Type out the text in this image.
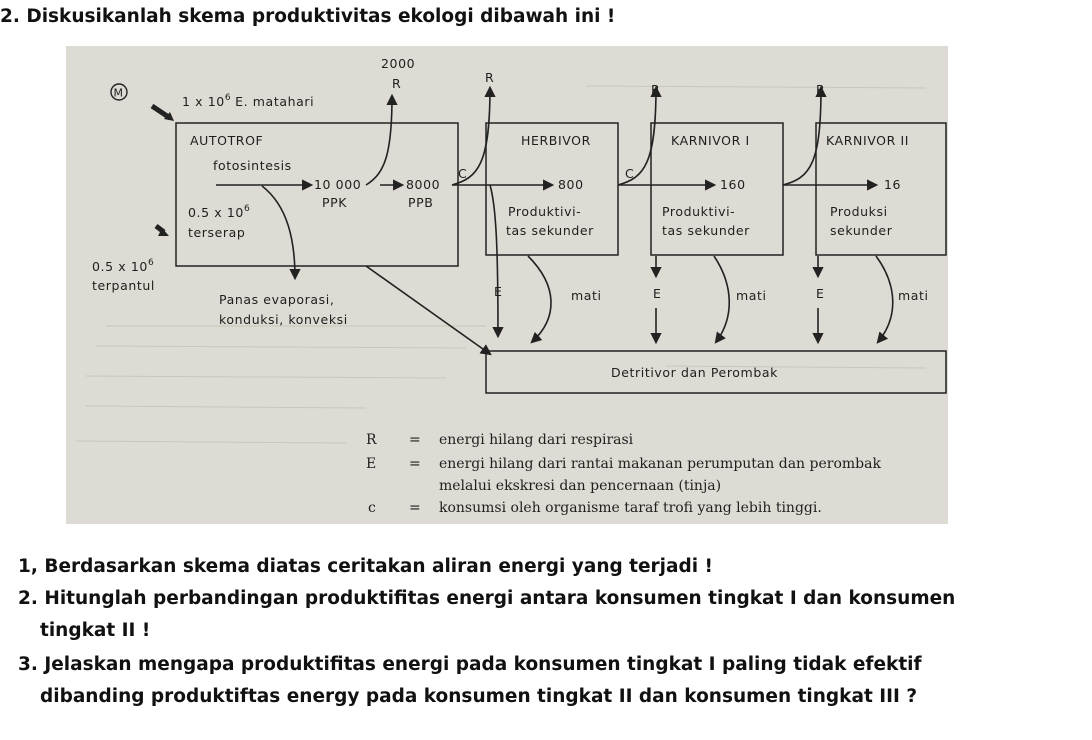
2. Diskusikanlah skema produktivitas ekologi dibawah ini !
M
1 x $10^6$ E. matahari
2000
AUTOTROF
fotosintesis
HERBIVOR	KARNIVOR I	KARNIVOR II
0.5 x $10^6$
terserap
0.5 x $10^6$
terpantul
Panas evaporasi,
konduksi, konveksi
10 000
PPK
8000
PPB
R
C
R
800
Produktivi-
tas sekunder
E	mati
C
R
160
E
Produktivi-
tas sekunder
mati
R
16
E
Produksi
sekunder
mati
Detritivor dan Perombak
R = energi hilang dari respirasi
E = energi hilang dari rantai makanan perumputan dan perombak
melalui ekskresi dan pencernaan (tinja)
c = konsumsi oleh organisme taraf trofi yang lebih tinggi.
1, Berdasarkan skema diatas ceritakan aliran energi yang terjadi !
2. Hitunglah perbandingan produktifitas energi antara konsumen tingkat I dan konsumen
tingkat II !
3. Jelaskan mengapa produktifitas energi pada konsumen tingkat I paling tidak efektif
dibanding produktiftas energy pada konsumen tingkat II dan konsumen tingkat III ?
